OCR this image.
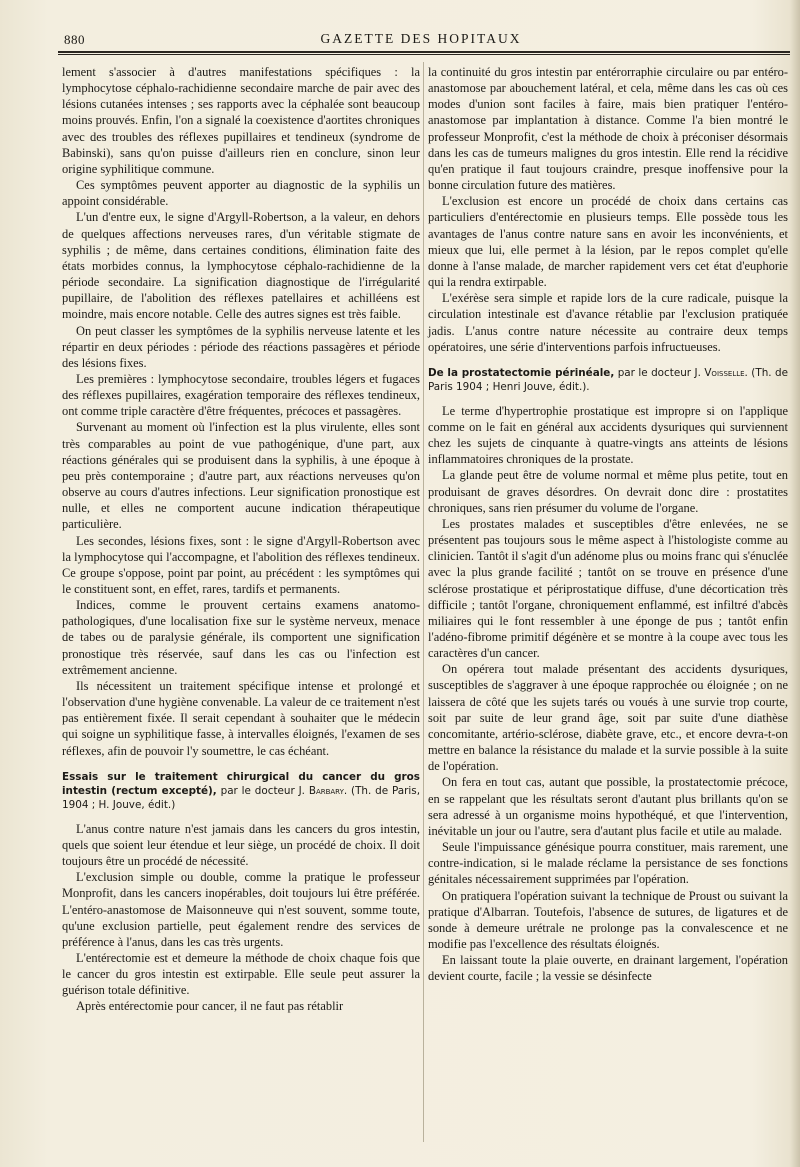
880	GAZETTE DES HOPITAUX

lement s'associer à d'autres manifestations spécifiques : la lymphocytose céphalo-rachidienne secondaire marche de pair avec des lésions cutanées intenses ; ses rapports avec la céphalée sont beaucoup moins prouvés. Enfin, l'on a signalé la coexistence d'aortites chroniques avec des troubles des réflexes pupillaires et tendineux (syndrome de Babinski), sans qu'on puisse d'ailleurs rien en conclure, sinon leur origine syphilitique commune.

Ces symptômes peuvent apporter au diagnostic de la syphilis un appoint considérable.

L'un d'entre eux, le signe d'Argyll-Robertson, a la valeur, en dehors de quelques affections nerveuses rares, d'un véritable stigmate de syphilis ; de même, dans certaines conditions, élimination faite des états morbides connus, la lymphocytose céphalo-rachidienne de la période secondaire. La signification diagnostique de l'irrégularité pupillaire, de l'abolition des réflexes patellaires et achilléens est moindre, mais encore notable. Celle des autres signes est très faible.

On peut classer les symptômes de la syphilis nerveuse latente et les répartir en deux périodes : période des réactions passagères et période des lésions fixes.

Les premières : lymphocytose secondaire, troubles légers et fugaces des réflexes pupillaires, exagération temporaire des réflexes tendineux, ont comme triple caractère d'être fréquentes, précoces et passagères.

Survenant au moment où l'infection est la plus virulente, elles sont très comparables au point de vue pathogénique, d'une part, aux réactions générales qui se produisent dans la syphilis, à une époque à peu près contemporaine ; d'autre part, aux réactions nerveuses qu'on observe au cours d'autres infections. Leur signification pronostique est nulle, et elles ne comportent aucune indication thérapeutique particulière.

Les secondes, lésions fixes, sont : le signe d'Argyll-Robertson avec la lymphocytose qui l'accompagne, et l'abolition des réflexes tendineux. Ce groupe s'oppose, point par point, au précédent : les symptômes qui le constituent sont, en effet, rares, tardifs et permanents.

Indices, comme le prouvent certains examens anatomo-pathologiques, d'une localisation fixe sur le système nerveux, menace de tabes ou de paralysie générale, ils comportent une signification pronostique très réservée, sauf dans les cas ou l'infection est extrêmement ancienne.

Ils nécessitent un traitement spécifique intense et prolongé et l'observation d'une hygiène convenable. La valeur de ce traitement n'est pas entièrement fixée. Il serait cependant à souhaiter que le médecin qui soigne un syphilitique fasse, à intervalles éloignés, l'examen de ses réflexes, afin de pouvoir l'y soumettre, le cas échéant.

Essais sur le traitement chirurgical du cancer du gros intestin (rectum excepté), par le docteur J. Barbary. (Th. de Paris, 1904 ; H. Jouve, édit.)

L'anus contre nature n'est jamais dans les cancers du gros intestin, quels que soient leur étendue et leur siège, un procédé de choix. Il doit toujours être un procédé de nécessité.

L'exclusion simple ou double, comme la pratique le professeur Monprofit, dans les cancers inopérables, doit toujours lui être préférée. L'entéro-anastomose de Maisonneuve qui n'est souvent, somme toute, qu'une exclusion partielle, peut également rendre des services de préférence à l'anus, dans les cas très urgents.

L'entérectomie est et demeure la méthode de choix chaque fois que le cancer du gros intestin est extirpable. Elle seule peut assurer la guérison totale définitive.

Après entérectomie pour cancer, il ne faut pas rétablir

la continuité du gros intestin par entérorraphie circulaire ou par entéro-anastomose par abouchement latéral, et cela, même dans les cas où ces modes d'union sont faciles à faire, mais bien pratiquer l'entéro-anastomose par implantation à distance. Comme l'a bien montré le professeur Monprofit, c'est la méthode de choix à préconiser désormais dans les cas de tumeurs malignes du gros intestin. Elle rend la récidive qu'en pratique il faut toujours craindre, presque inoffensive pour la bonne circulation future des matières.

L'exclusion est encore un procédé de choix dans certains cas particuliers d'entérectomie en plusieurs temps. Elle possède tous les avantages de l'anus contre nature sans en avoir les inconvénients, et mieux que lui, elle permet à la lésion, par le repos complet qu'elle donne à l'anse malade, de marcher rapidement vers cet état d'euphorie qui la rendra extirpable.

L'exérèse sera simple et rapide lors de la cure radicale, puisque la circulation intestinale est d'avance rétablie par l'exclusion pratiquée jadis. L'anus contre nature nécessite au contraire deux temps opératoires, une série d'interventions parfois infructueuses.

De la prostatectomie périnéale, par le docteur J. Voisselle. (Th. de Paris 1904 ; Henri Jouve, édit.).

Le terme d'hypertrophie prostatique est impropre si on l'applique comme on le fait en général aux accidents dysuriques qui surviennent chez les sujets de cinquante à quatre-vingts ans atteints de lésions inflammatoires chroniques de la prostate.

La glande peut être de volume normal et même plus petite, tout en produisant de graves désordres. On devrait donc dire : prostatites chroniques, sans rien présumer du volume de l'organe.

Les prostates malades et susceptibles d'être enlevées, ne se présentent pas toujours sous le même aspect à l'histologiste comme au clinicien. Tantôt il s'agit d'un adénome plus ou moins franc qui s'énuclée avec la plus grande facilité ; tantôt on se trouve en présence d'une sclérose prostatique et périprostatique diffuse, d'une décortication très difficile ; tantôt l'organe, chroniquement enflammé, est infiltré d'abcès miliaires qui le font ressembler à une éponge de pus ; tantôt enfin l'adéno-fibrome primitif dégénère et se montre à la coupe avec tous les caractères d'un cancer.

On opérera tout malade présentant des accidents dysuriques, susceptibles de s'aggraver à une époque rapprochée ou éloignée ; on ne laissera de côté que les sujets tarés ou voués à une survie trop courte, soit par suite de leur grand âge, soit par suite d'une diathèse concomitante, artério-sclérose, diabète grave, etc., et encore devra-t-on mettre en balance la résistance du malade et la survie possible à la suite de l'opération.

On fera en tout cas, autant que possible, la prostatectomie précoce, en se rappelant que les résultats seront d'autant plus brillants qu'on se sera adressé à un organisme moins hypothéqué, et que l'intervention, inévitable un jour ou l'autre, sera d'autant plus facile et utile au malade.

Seule l'impuissance génésique pourra constituer, mais rarement, une contre-indication, si le malade réclame la persistance de ses fonctions génitales nécessairement supprimées par l'opération.

On pratiquera l'opération suivant la technique de Proust ou suivant la pratique d'Albarran. Toutefois, l'absence de sutures, de ligatures et de sonde à demeure urétrale ne prolonge pas la convalescence et ne modifie pas l'excellence des résultats éloignés.

En laissant toute la plaie ouverte, en drainant largement, l'opération devient courte, facile ; la vessie se désinfecte
